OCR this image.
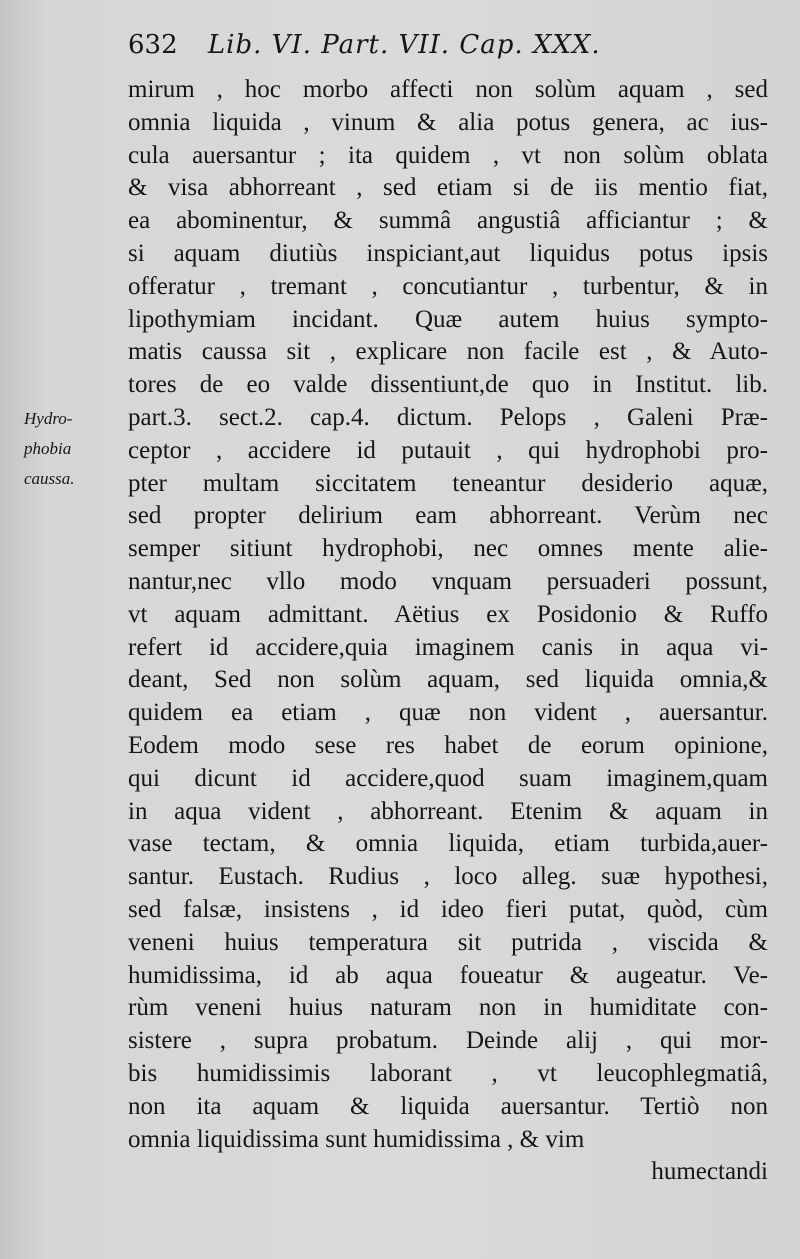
632 Lib. VI. Part. VII. Cap. XXX.
Hydro-
phobia
caussa.
mirum , hoc morbo affecti non solùm aquam , sed
omnia liquida , vinum & alia potus genera, ac ius-
cula auersantur ; ita quidem , vt non solùm oblata
& visa abhorreant , sed etiam si de iis mentio fiat,
ea abominentur, & summâ angustiâ afficiantur ; &
si aquam diutiùs inspiciant,aut liquidus potus ipsis
offeratur , tremant , concutiantur , turbentur, & in
lipothymiam incidant. Quæ autem huius sympto-
matis caussa sit , explicare non facile est , & Auto-
tores de eo valde dissentiunt,de quo in Institut. lib.
part.3. sect.2. cap.4. dictum. Pelops , Galeni Præ-
ceptor , accidere id putauit , qui hydrophobi pro-
pter multam siccitatem teneantur desiderio aquæ,
sed propter delirium eam abhorreant. Verùm nec
semper sitiunt hydrophobi, nec omnes mente alie-
nantur,nec vllo modo vnquam persuaderi possunt,
vt aquam admittant. Aëtius ex Posidonio & Ruffo
refert id accidere,quia imaginem canis in aqua vi-
deant, Sed non solùm aquam, sed liquida omnia,&
quidem ea etiam , quæ non vident , auersantur.
Eodem modo sese res habet de eorum opinione,
qui dicunt id accidere,quod suam imaginem,quam
in aqua vident , abhorreant. Etenim & aquam in
vase tectam, & omnia liquida, etiam turbida,auer-
santur. Eustach. Rudius , loco alleg. suæ hypothesi,
sed falsæ, insistens , id ideo fieri putat, quòd, cùm
veneni huius temperatura sit putrida , viscida &
humidissima, id ab aqua foueatur & augeatur. Ve-
rùm veneni huius naturam non in humiditate con-
sistere , supra probatum. Deinde alij , qui mor-
bis humidissimis laborant , vt leucophlegmatiâ,
non ita aquam & liquida auersantur. Tertiò non
omnia liquidissima sunt humidissima , & vim
humectandi
